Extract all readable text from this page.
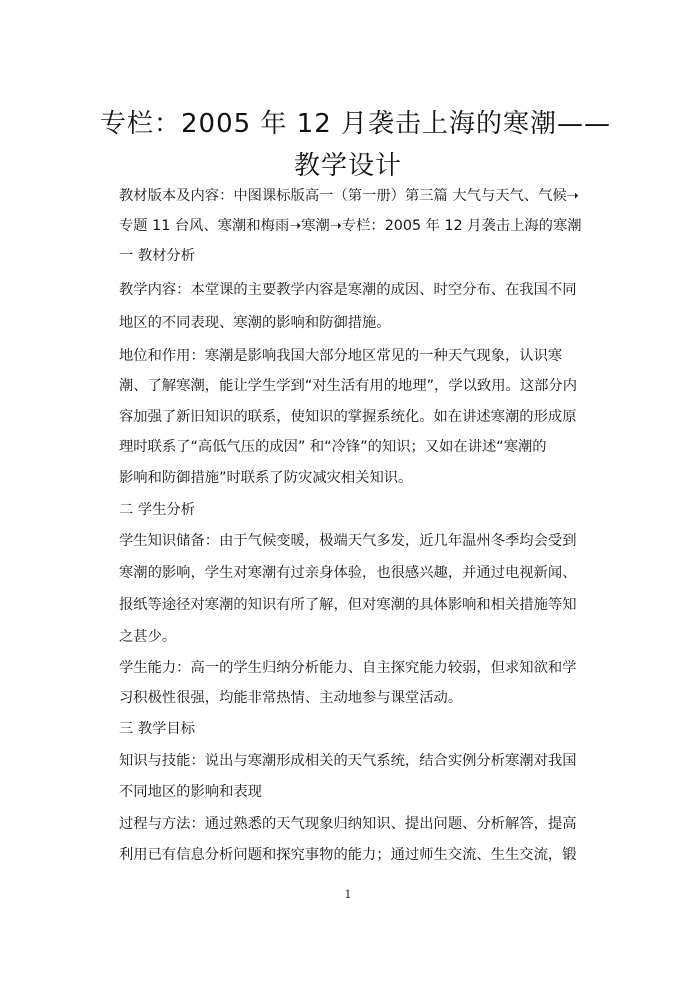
专栏：2005 年 12 月袭击上海的寒潮——
教学设计
教材版本及内容：中图课标版高一（第一册）第三篇 大气与天气、气候➝
专题 11 台风、寒潮和梅雨➝寒潮➝专栏：2005 年 12 月袭击上海的寒潮
一 教材分析
教学内容：本堂课的主要教学内容是寒潮的成因、时空分布、在我国不同
地区的不同表现、寒潮的影响和防御措施。
地位和作用：寒潮是影响我国大部分地区常见的一种天气现象，认识寒
潮、了解寒潮，能让学生学到“对生活有用的地理”，学以致用。这部分内
容加强了新旧知识的联系，使知识的掌握系统化。如在讲述寒潮的形成原
理时联系了“高低气压的成因” 和“冷锋”的知识；又如在讲述“寒潮的
影响和防御措施”时联系了防灾减灾相关知识。
二 学生分析
学生知识储备：由于气候变暖，极端天气多发，近几年温州冬季均会受到
寒潮的影响，学生对寒潮有过亲身体验，也很感兴趣，并通过电视新闻、
报纸等途径对寒潮的知识有所了解，但对寒潮的具体影响和相关措施等知
之甚少。
学生能力：高一的学生归纳分析能力、自主探究能力较弱，但求知欲和学
习积极性很强，均能非常热情、主动地参与课堂活动。
三 教学目标
知识与技能：说出与寒潮形成相关的天气系统，结合实例分析寒潮对我国
不同地区的影响和表现
过程与方法：通过熟悉的天气现象归纳知识、提出问题、分析解答，提高
利用已有信息分析问题和探究事物的能力；通过师生交流、生生交流，锻
1
